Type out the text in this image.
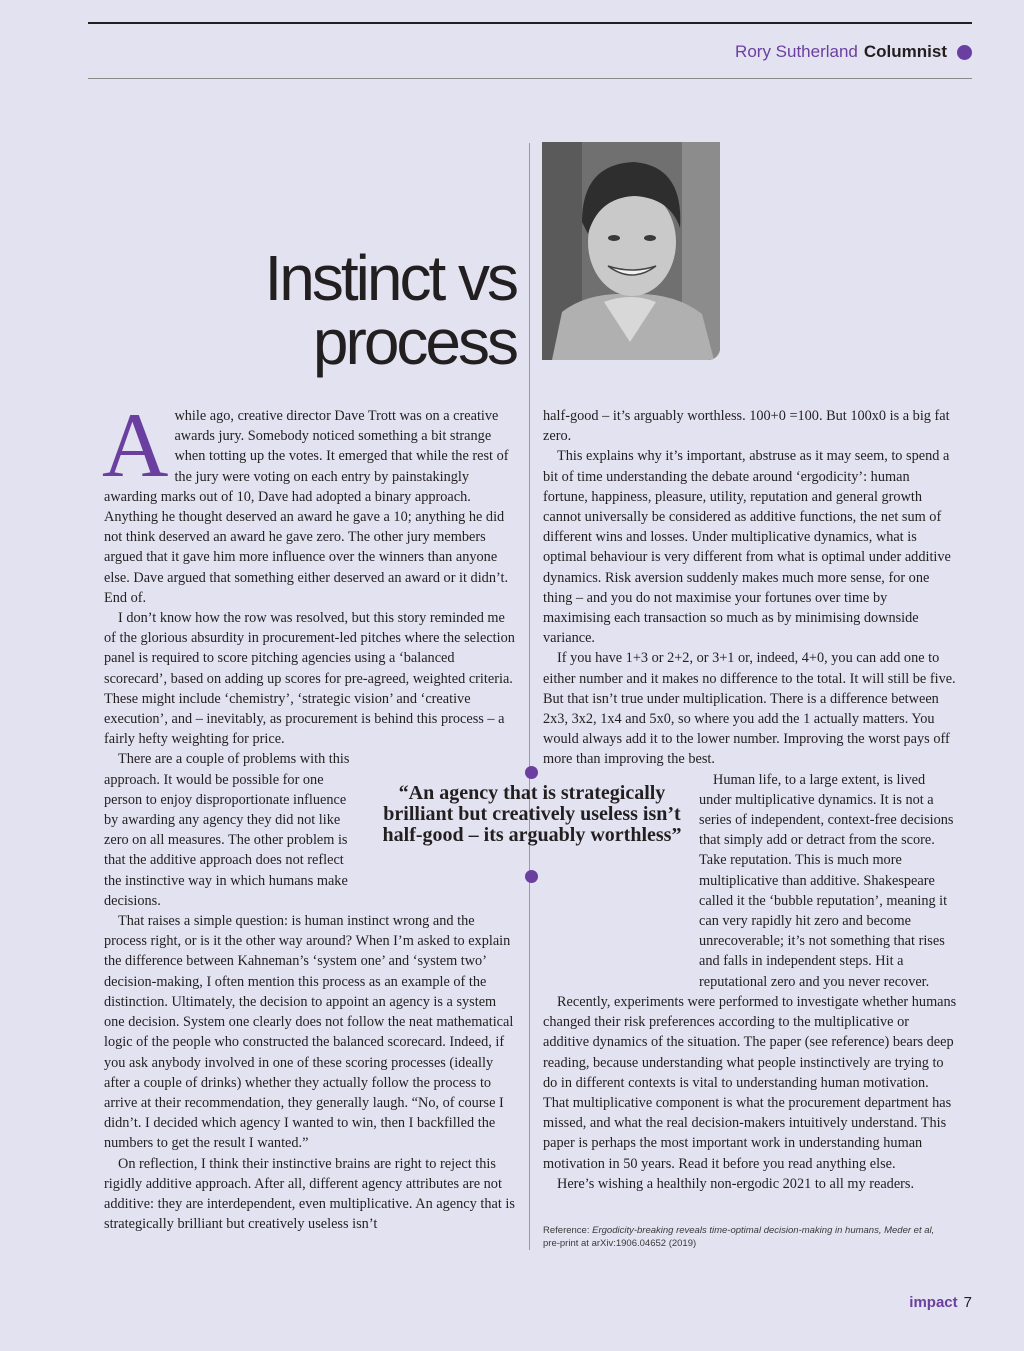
Rory Sutherland Columnist
Instinct vs
process

Awhile ago, creative director Dave Trott was on a creative awards jury. Somebody noticed something a bit strange when totting up the votes. It emerged that while the rest of the jury were voting on each entry by painstakingly awarding marks out of 10, Dave had adopted a binary approach. Anything he thought deserved an award he gave a 10; anything he did not think deserved an award he gave zero. The other jury members argued that it gave him more influence over the winners than anyone else. Dave argued that something either deserved an award or it didn’t. End of.

I don’t know how the row was resolved, but this story reminded me of the glorious absurdity in procurement-led pitches where the selection panel is required to score pitching agencies using a ‘balanced scorecard’, based on adding up scores for pre-agreed, weighted criteria. These might include ‘chemistry’, ‘strategic vision’ and ‘creative execution’, and – inevitably, as procurement is behind this process – a fairly hefty weighting for price.

There are a couple of problems with this approach. It would be possible for one person to enjoy disproportionate influence by awarding any agency they did not like zero on all measures. The other problem is that the additive approach does not reflect the instinctive way in which humans make decisions.

That raises a simple question: is human instinct wrong and the process right, or is it the other way around? When I’m asked to explain the difference between Kahneman’s ‘system one’ and ‘system two’ decision-making, I often mention this process as an example of the distinction. Ultimately, the decision to appoint an agency is a system one decision. System one clearly does not follow the neat mathematical logic of the people who constructed the balanced scorecard. Indeed, if you ask anybody involved in one of these scoring processes (ideally after a couple of drinks) whether they actually follow the process to arrive at their recommendation, they generally laugh. “No, of course I didn’t. I decided which agency I wanted to win, then I backfilled the numbers to get the result I wanted.”

On reflection, I think their instinctive brains are right to reject this rigidly additive approach. After all, different agency attributes are not additive: they are interdependent, even multiplicative. An agency that is strategically brilliant but creatively useless isn’t

half-good – it’s arguably worthless. 100+0 =100. But 100x0 is a big fat zero.

This explains why it’s important, abstruse as it may seem, to spend a bit of time understanding the debate around ‘ergodicity’: human fortune, happiness, pleasure, utility, reputation and general growth cannot universally be considered as additive functions, the net sum of different wins and losses. Under multiplicative dynamics, what is optimal behaviour is very different from what is optimal under additive dynamics. Risk aversion suddenly makes much more sense, for one thing – and you do not maximise your fortunes over time by maximising each transaction so much as by minimising downside variance.

If you have 1+3 or 2+2, or 3+1 or, indeed, 4+0, you can add one to either number and it makes no difference to the total. It will still be five. But that isn’t true under multiplication. There is a difference between 2x3, 3x2, 1x4 and 5x0, so where you add the 1 actually matters. You would always add it to the lower number. Improving the worst pays off more than improving the best.

Human life, to a large extent, is lived under multiplicative dynamics. It is not a series of independent, context-free decisions that simply add or detract from the score. Take reputation. This is much more multiplicative than additive. Shakespeare called it the ‘bubble reputation’, meaning it can very rapidly hit zero and become unrecoverable; it’s not something that rises and falls in independent steps. Hit a reputational zero and you never recover.

Recently, experiments were performed to investigate whether humans changed their risk preferences according to the multiplicative or additive dynamics of the situation. The paper (see reference) bears deep reading, because understanding what people instinctively are trying to do in different contexts is vital to understanding human motivation. That multiplicative component is what the procurement department has missed, and what the real decision-makers intuitively understand. This paper is perhaps the most important work in understanding human motivation in 50 years. Read it before you read anything else.

Here’s wishing a healthily non-ergodic 2021 to all my readers.

“An agency that is strategically brilliant but creatively useless isn’t half-good – its arguably worthless”
Reference: Ergodicity-breaking reveals time-optimal decision-making in humans, Meder et al,
pre-print at arXiv:1906.04652 (2019)
impact 7
